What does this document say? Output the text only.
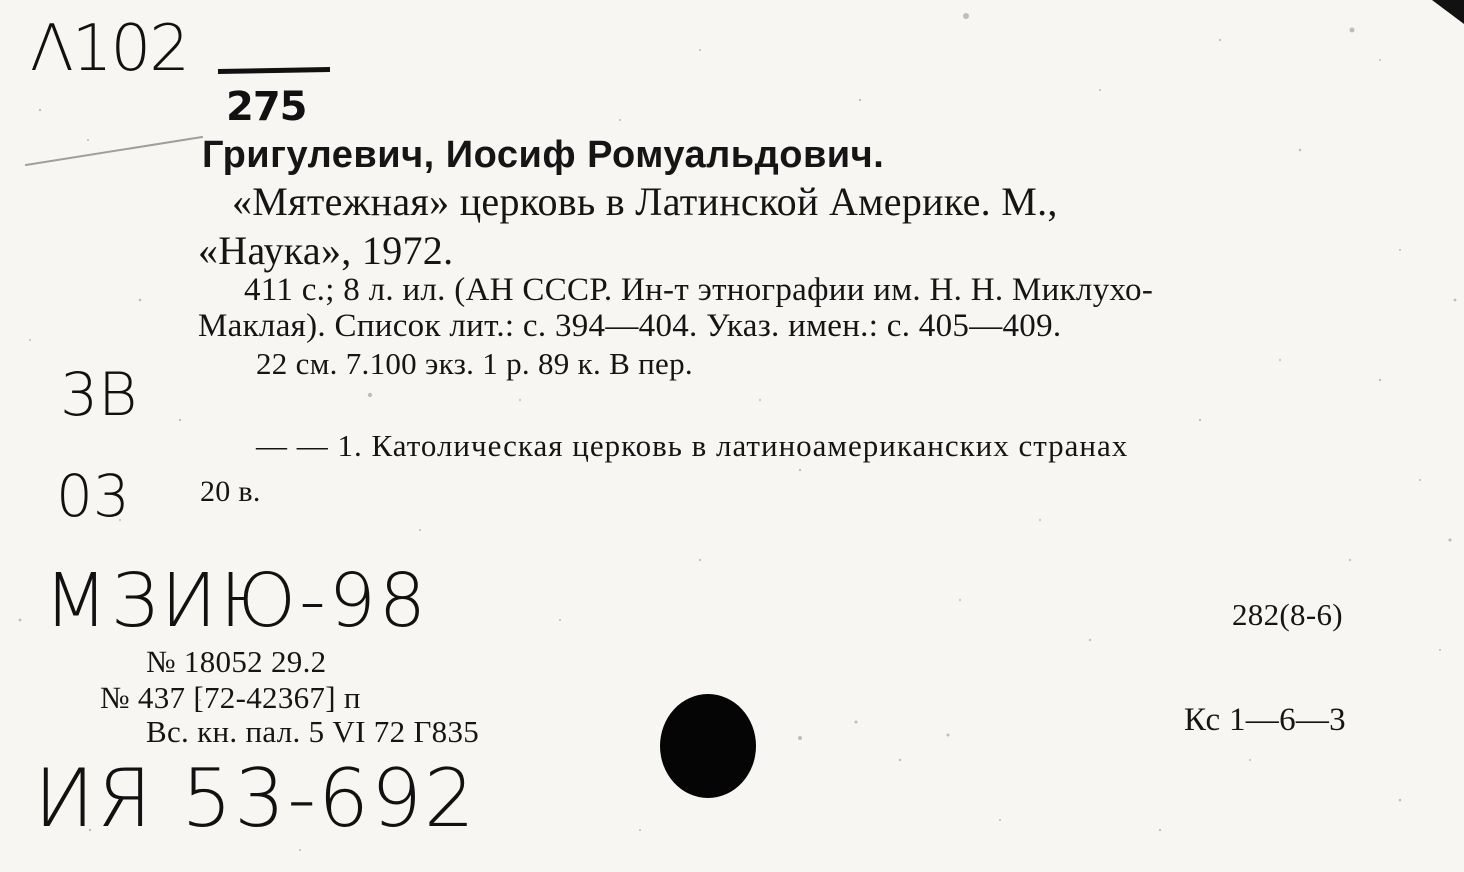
Λ102
275
Григулевич, Иосиф Ромуальдович.
«Мятежная» церковь в Латинской Америке. М.,
«Наука», 1972.
411 с.; 8 л. ил. (АН СССР. Ин-т этнографии им. Н. Н. Миклухо-
Маклая). Список лит.: с. 394—404. Указ. имен.: с. 405—409.
22 см. 7.100 экз. 1 р. 89 к. В пер.
— — 1. Католическая церковь в латиноамериканских странах
20 в.
3В
03
МЗИЮ-98	282(8-6)
№ 18052 29.2
№ 437 [72-42367] п
Вс. кн. пал. 5 VI 72 Г835	Кс 1—6—3
ИЯ 53-692
